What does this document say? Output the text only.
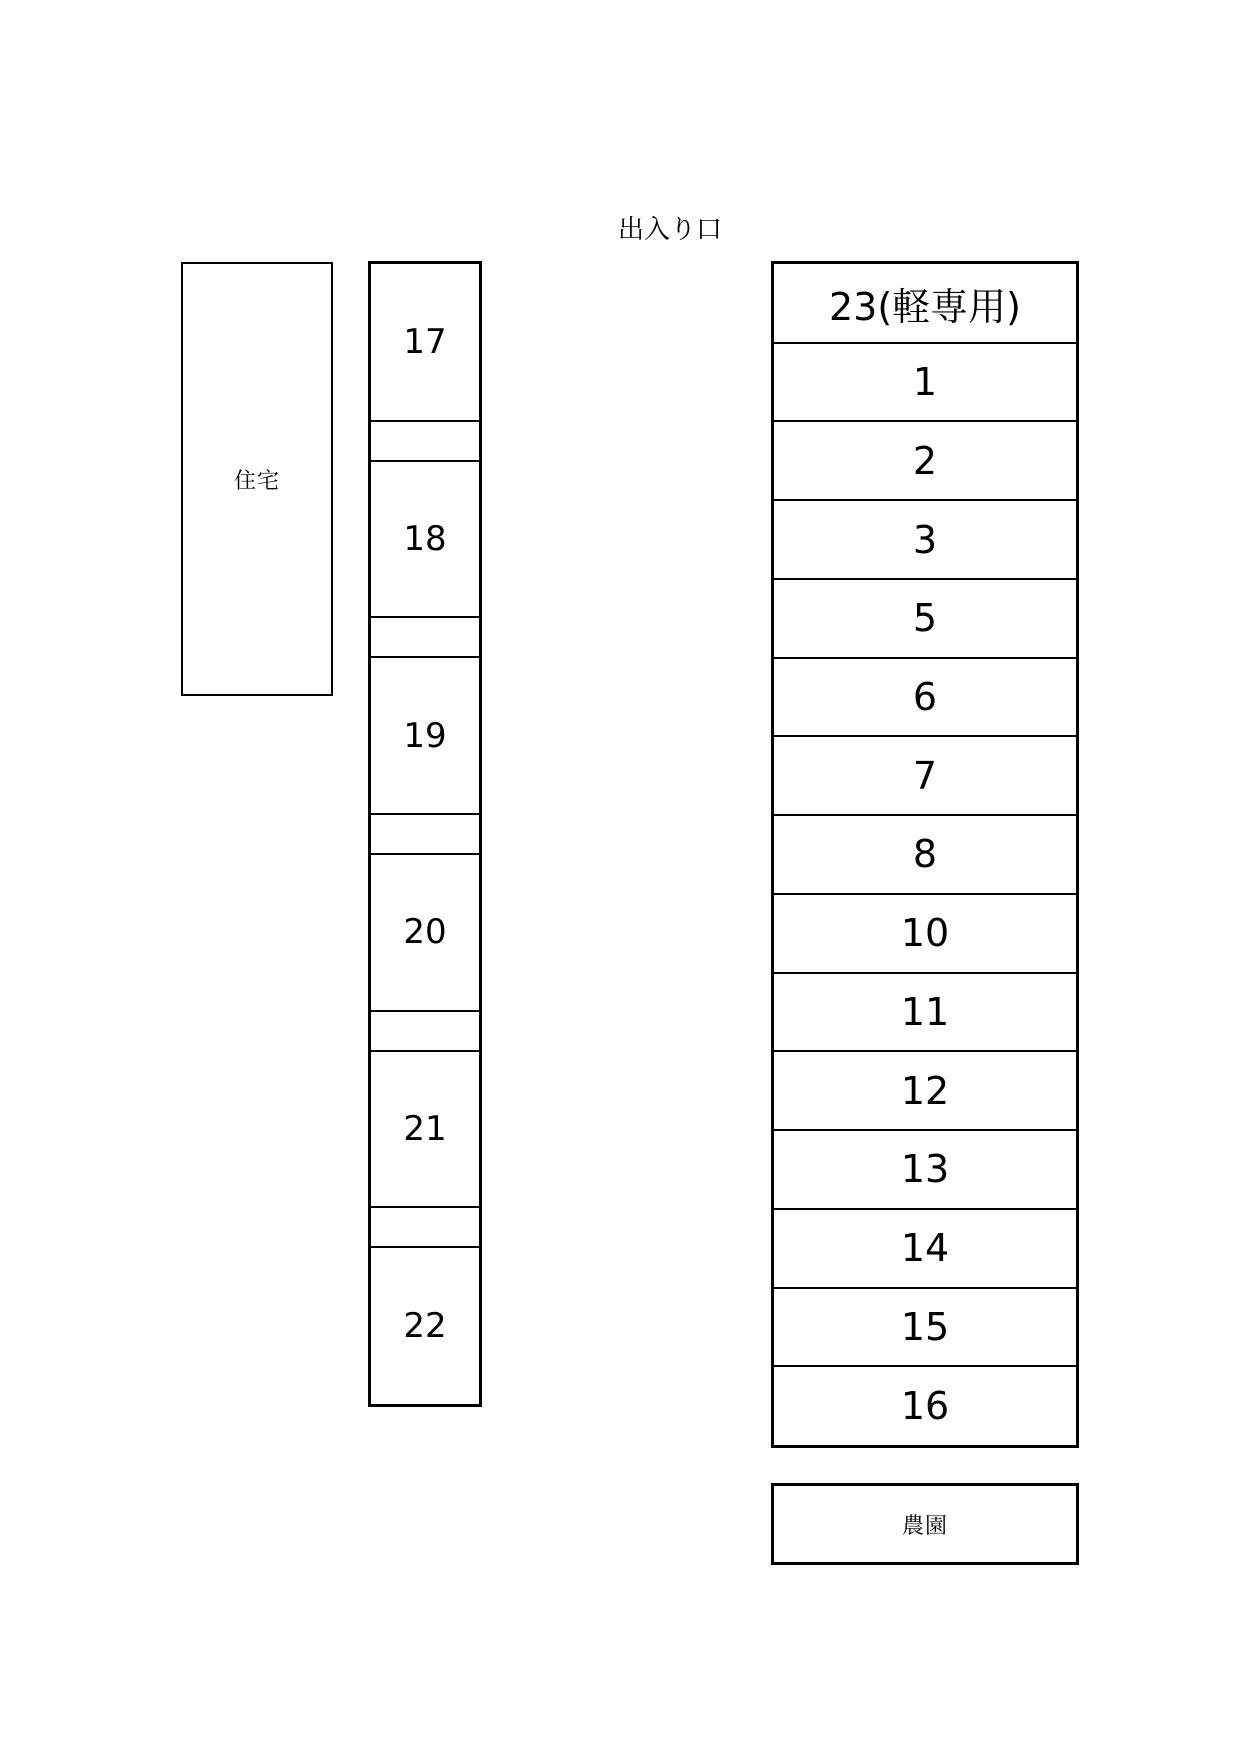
出入り口
住宅
17
18
19
20
21
22
23(軽専用)
1
2
3
5
6
7
8
10
11
12
13
14
15
16
農園
